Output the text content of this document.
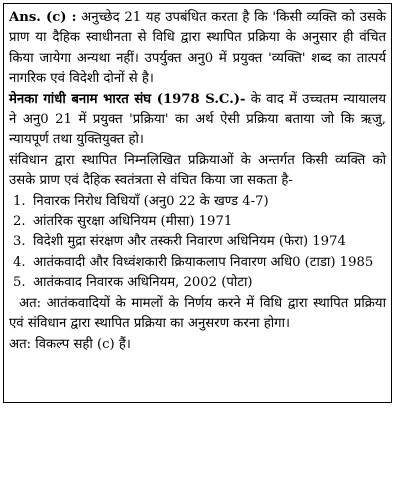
Ans. (c) : अनुच्छेद 21 यह उपबंधित करता है कि 'किसी व्यक्ति को उसके प्राण या दैहिक स्वाधीनता से विधि द्वारा स्थापित प्रक्रिया के अनुसार ही वंचित किया जायेगा अन्यथा नहीं। उपर्युक्त अनु0 में प्रयुक्त 'व्यक्ति' शब्द का तात्पर्य नागरिक एवं विदेशी दोनों से है।

मेनका गांधी बनाम भारत संघ (1978 S.C.)- के वाद में उच्चतम न्यायालय ने अनु0 21 में प्रयुक्त 'प्रक्रिया' का अर्थ ऐसी प्रक्रिया बताया जो कि ऋजु, न्यायपूर्ण तथा युक्तियुक्त हो।

संविधान द्वारा स्थापित निम्नलिखित प्रक्रियाओं के अन्तर्गत किसी व्यक्ति को उसके प्राण एवं दैहिक स्वतंत्रता से वंचित किया जा सकता है-

1. निवारक निरोध विधियाँ (अनु0 22 के खण्ड 4-7)
2. आंतरिक सुरक्षा अधिनियम (मीसा) 1971
3. विदेशी मुद्रा संरक्षण और तस्करी निवारण अधिनियम (फेरा) 1974
4. आतंकवादी और विध्वंशकारी क्रियाकलाप निवारण अधि0 (टाडा) 1985
5. आतंकवाद निवारक अधिनियम, 2002 (पोटा)

अत: आतंकवादियों के मामलों के निर्णय करने में विधि द्वारा स्थापित प्रक्रिया एवं संविधान द्वारा स्थापित प्रक्रिया का अनुसरण करना होगा।

अत: विकल्प सही (c) हैं।
